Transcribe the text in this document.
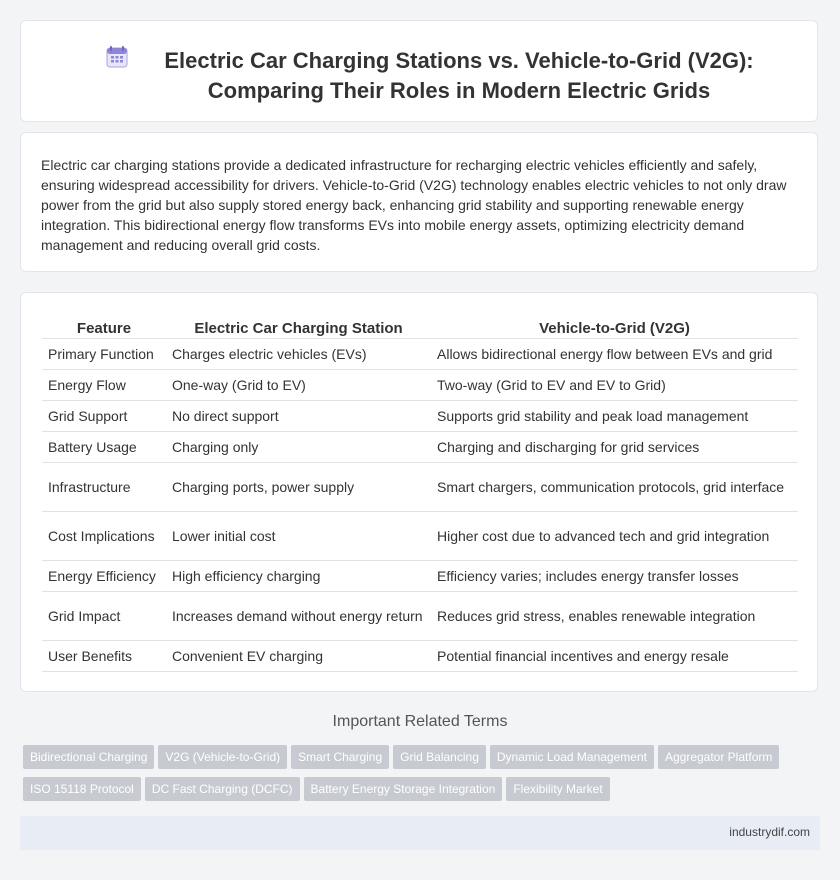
Electric Car Charging Stations vs. Vehicle-to-Grid (V2G):
Comparing Their Roles in Modern Electric Grids
Electric car charging stations provide a dedicated infrastructure for recharging electric vehicles efficiently and safely, ensuring widespread accessibility for drivers. Vehicle-to-Grid (V2G) technology enables electric vehicles to not only draw power from the grid but also supply stored energy back, enhancing grid stability and supporting renewable energy integration. This bidirectional energy flow transforms EVs into mobile energy assets, optimizing electricity demand management and reducing overall grid costs.
Feature	Electric Car Charging Station	Vehicle-to-Grid (V2G)
Primary Function	Charges electric vehicles (EVs)	Allows bidirectional energy flow between EVs and grid
Energy Flow	One-way (Grid to EV)	Two-way (Grid to EV and EV to Grid)
Grid Support	No direct support	Supports grid stability and peak load management
Battery Usage	Charging only	Charging and discharging for grid services
Infrastructure	Charging ports, power supply	Smart chargers, communication protocols, grid interface
Cost Implications	Lower initial cost	Higher cost due to advanced tech and grid integration
Energy Efficiency	High efficiency charging	Efficiency varies; includes energy transfer losses
Grid Impact	Increases demand without energy return	Reduces grid stress, enables renewable integration
User Benefits	Convenient EV charging	Potential financial incentives and energy resale
Important Related Terms
Bidirectional Charging V2G (Vehicle-to-Grid) Smart Charging Grid Balancing Dynamic Load Management Aggregator PlatformISO 15118 Protocol DC Fast Charging (DCFC) Battery Energy Storage Integration Flexibility Market
industrydif.com
